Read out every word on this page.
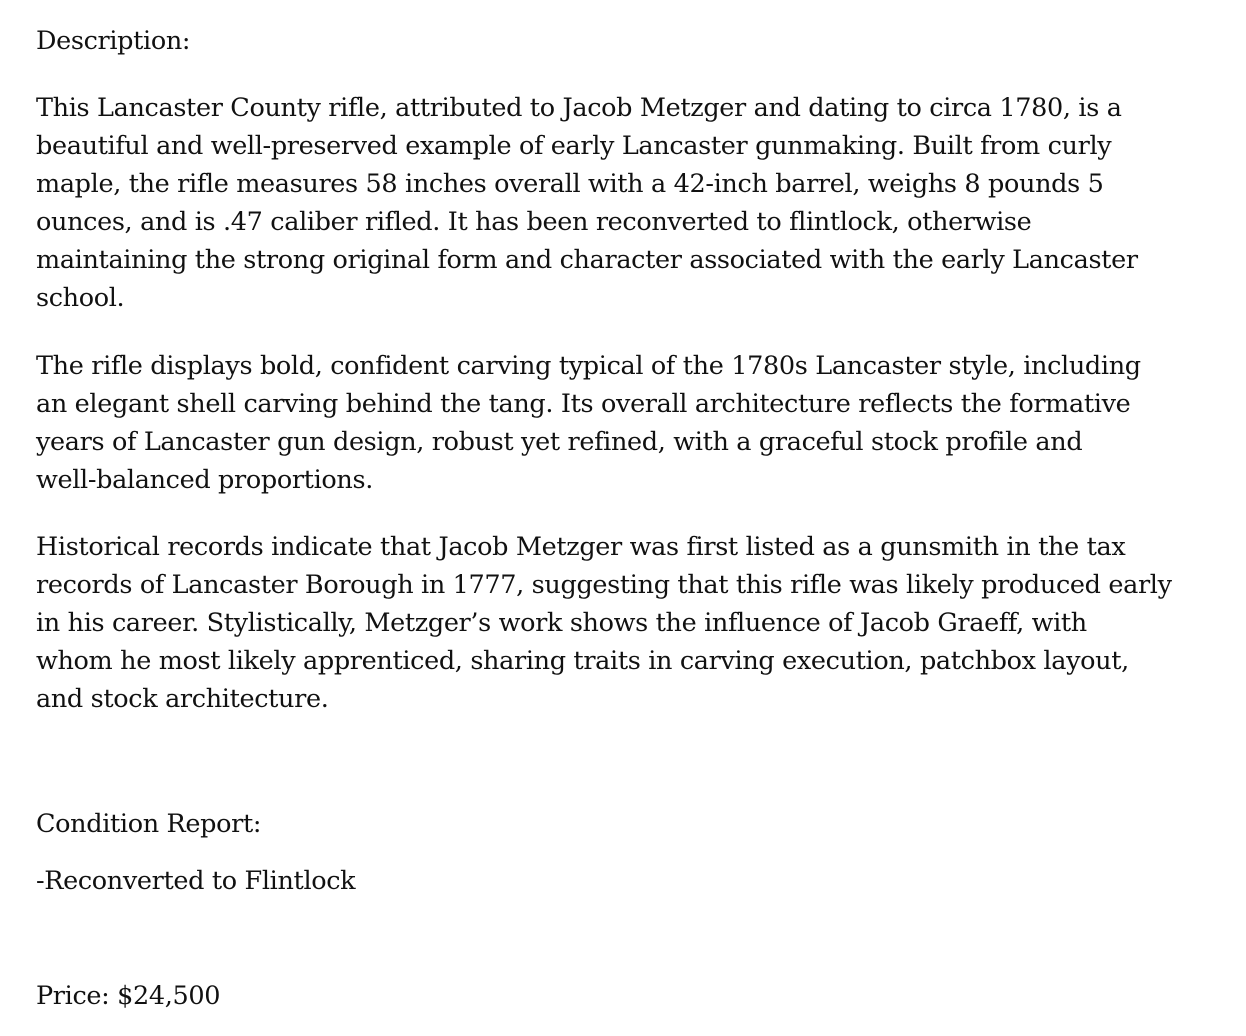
Description:

This Lancaster County rifle, attributed to Jacob Metzger and dating to circa 1780, is a
beautiful and well-preserved example of early Lancaster gunmaking. Built from curly
maple, the rifle measures 58 inches overall with a 42-inch barrel, weighs 8 pounds 5
ounces, and is .47 caliber rifled. It has been reconverted to flintlock, otherwise
maintaining the strong original form and character associated with the early Lancaster
school.

The rifle displays bold, confident carving typical of the 1780s Lancaster style, including
an elegant shell carving behind the tang. Its overall architecture reflects the formative
years of Lancaster gun design, robust yet refined, with a graceful stock profile and
well-balanced proportions.

Historical records indicate that Jacob Metzger was first listed as a gunsmith in the tax
records of Lancaster Borough in 1777, suggesting that this rifle was likely produced early
in his career. Stylistically, Metzger’s work shows the influence of Jacob Graeff, with
whom he most likely apprenticed, sharing traits in carving execution, patchbox layout,
and stock architecture.

Condition Report:

-Reconverted to Flintlock

Price: $24,500
